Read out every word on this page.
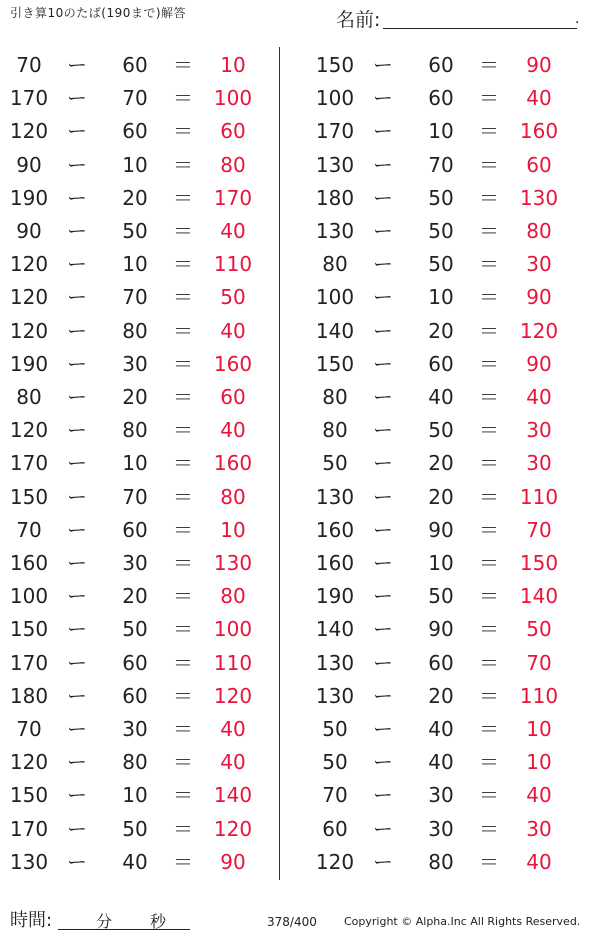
引き算10のたば(190まで)解答	名前:	.
70	ー	60	＝	10
170 ー	70	＝ 100
120 ー	60	＝	60
90	ー	10	＝	80
190 ー	20	＝ 170
90	ー	50	＝	40
120 ー	10	＝ 110
120 ー	70	＝	50
120 ー	80	＝	40
190 ー	30	＝ 160
80	ー	20	＝	60
120 ー	80	＝	40
170 ー	10	＝ 160
150 ー	70	＝	80
70	ー	60	＝	10
160 ー	30	＝ 130
100 ー	20	＝	80
150 ー	50	＝ 100
170 ー	60	＝ 110
180 ー	60	＝ 120
70	ー	30	＝	40
120 ー	80	＝	40
150 ー	10	＝ 140
170 ー	50	＝ 120
130 ー	40	＝	90
150 ー	60	＝	90
100 ー	60	＝	40
170 ー	10	＝ 160
130 ー	70	＝	60
180 ー	50	＝ 130
130 ー	50	＝	80
80	ー	50	＝	30
100 ー	10	＝	90
140 ー	20	＝ 120
150 ー	60	＝	90
80	ー	40	＝	40
80	ー	50	＝	30
50	ー	20	＝	30
130 ー	20	＝ 110
160 ー	90	＝	70
160 ー	10	＝ 150
190 ー	50	＝ 140
140 ー	90	＝	50
130 ー	60	＝	70
130 ー	20	＝ 110
50	ー	40	＝	10
50	ー	40	＝	10
70	ー	30	＝	40
60	ー	30	＝	30
120 ー	80	＝	40
時間:	分 秒	378/400 Copyright © Alpha.Inc All Rights Reserved.
